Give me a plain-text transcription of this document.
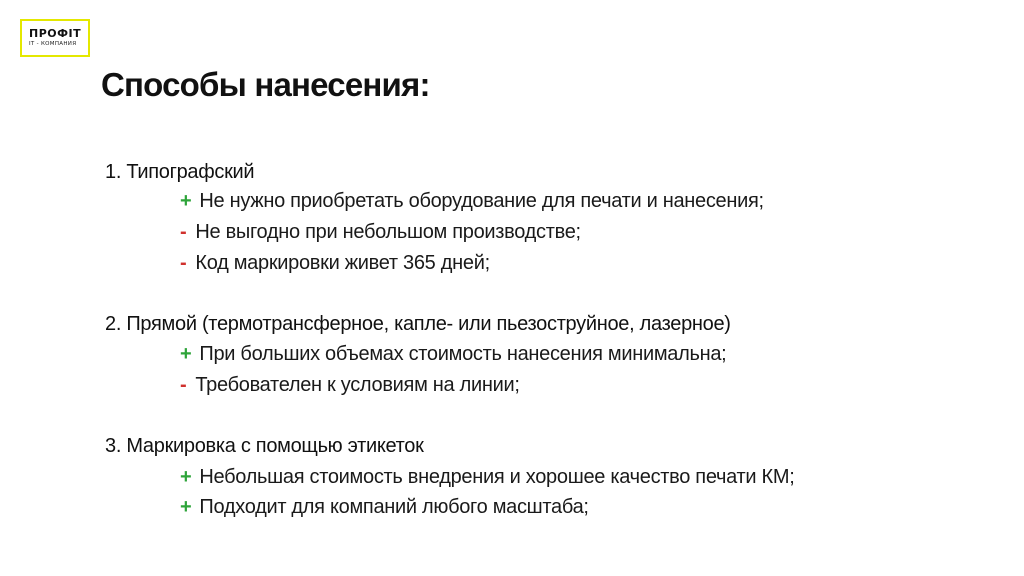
ПРОФIT
IT - КОМПАНИЯ
Способы нанесения:

1. Типографский

+ Не нужно приобретать оборудование для печати и нанесения;

- Не выгодно при небольшом производстве;

- Код маркировки живет 365 дней;

2. Прямой (термотрансферное, капле- или пьезоструйное, лазерное)

+ При больших объемах стоимость нанесения минимальна;

- Требователен к условиям на линии;

3. Маркировка с помощью этикеток

+ Небольшая стоимость внедрения и хорошее качество печати КМ;

+ Подходит для компаний любого масштаба;
